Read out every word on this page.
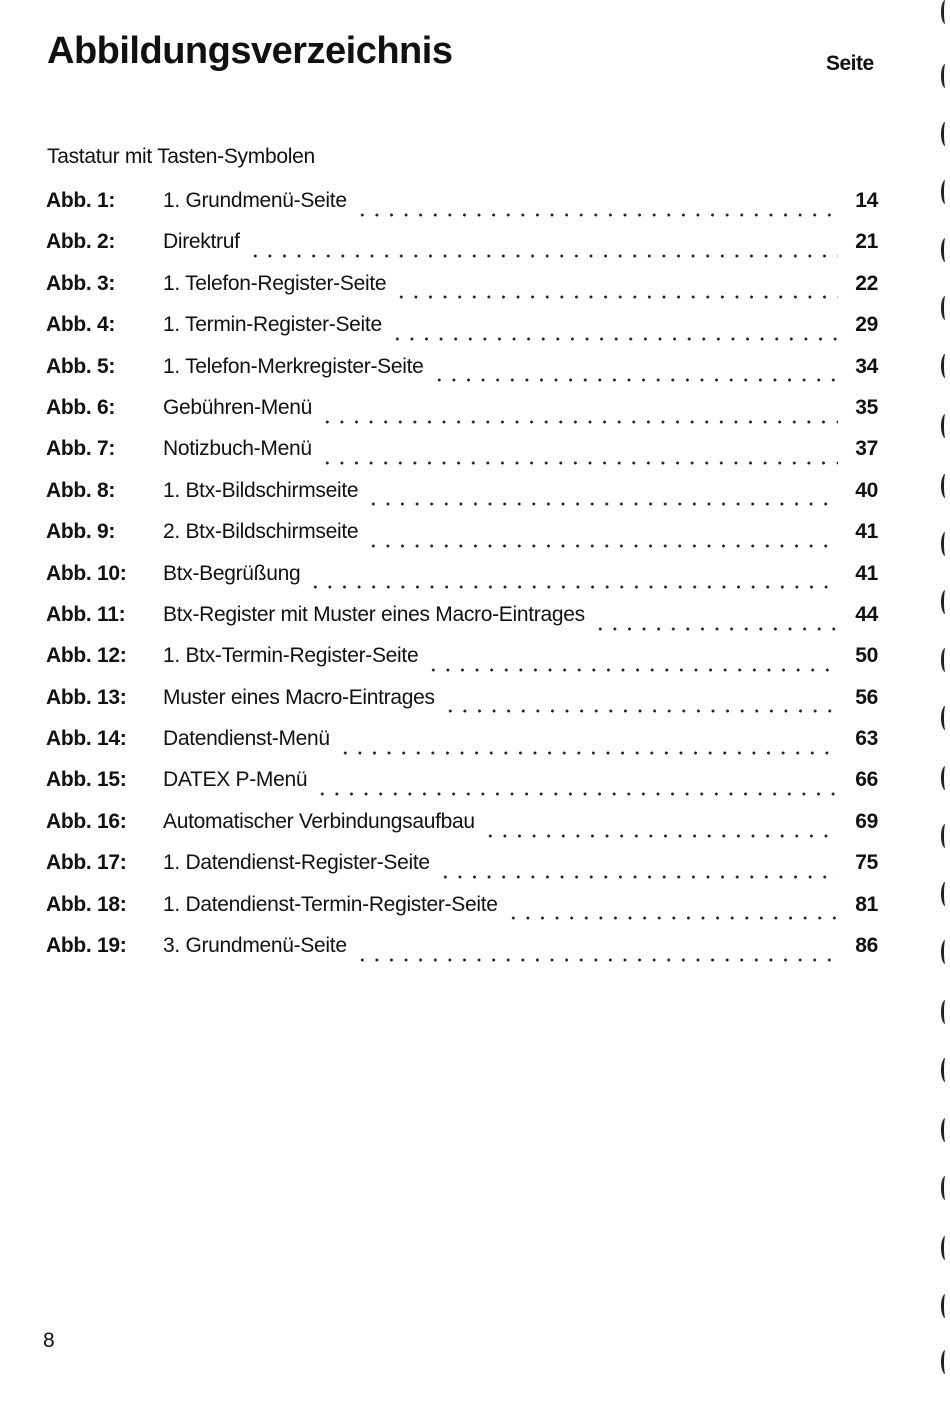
Abbildungsverzeichnis	Seite
Tastatur mit Tasten-Symbolen
Abb. 1:	1. Grundmenü-Seite	14
Abb. 2:	Direktruf	21
Abb. 3:	1. Telefon-Register-Seite	22
Abb. 4:	1. Termin-Register-Seite	29
Abb. 5:	1. Telefon-Merkregister-Seite	34
Abb. 6:	Gebühren-Menü	35
Abb. 7:	Notizbuch-Menü	37
Abb. 8:	1. Btx-Bildschirmseite	40
Abb. 9:	2. Btx-Bildschirmseite	41
Abb. 10:	Btx-Begrüßung	41
Abb. 11:	Btx-Register mit Muster eines Macro-Eintrages	44
Abb. 12:	1. Btx-Termin-Register-Seite	50
Abb. 13:	Muster eines Macro-Eintrages	56
Abb. 14:	Datendienst-Menü	63
Abb. 15:	DATEX P-Menü	66
Abb. 16:	Automatischer Verbindungsaufbau	69
Abb. 17:	1. Datendienst-Register-Seite	75
Abb. 18:	1. Datendienst-Termin-Register-Seite	81
Abb. 19:	3. Grundmenü-Seite	86
8
